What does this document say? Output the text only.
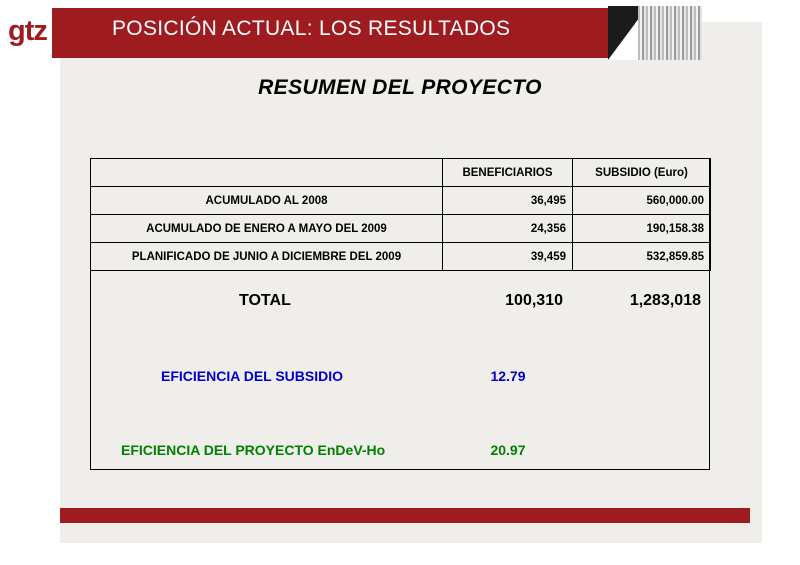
POSICIÓN ACTUAL: LOS RESULTADOS
gtz
RESUMEN DEL PROYECTO
	BENEFICIARIOS	SUBSIDIO (Euro)
ACUMULADO AL 2008	36,495	560,000.00
ACUMULADO DE ENERO A MAYO DEL 2009	24,356	190,158.38
PLANIFICADO DE JUNIO A DICIEMBRE DEL 2009	39,459	532,859.85
TOTAL	100,310	1,283,018
EFICIENCIA DEL SUBSIDIO	12.79
EFICIENCIA DEL PROYECTO EnDeV-Ho	20.97
